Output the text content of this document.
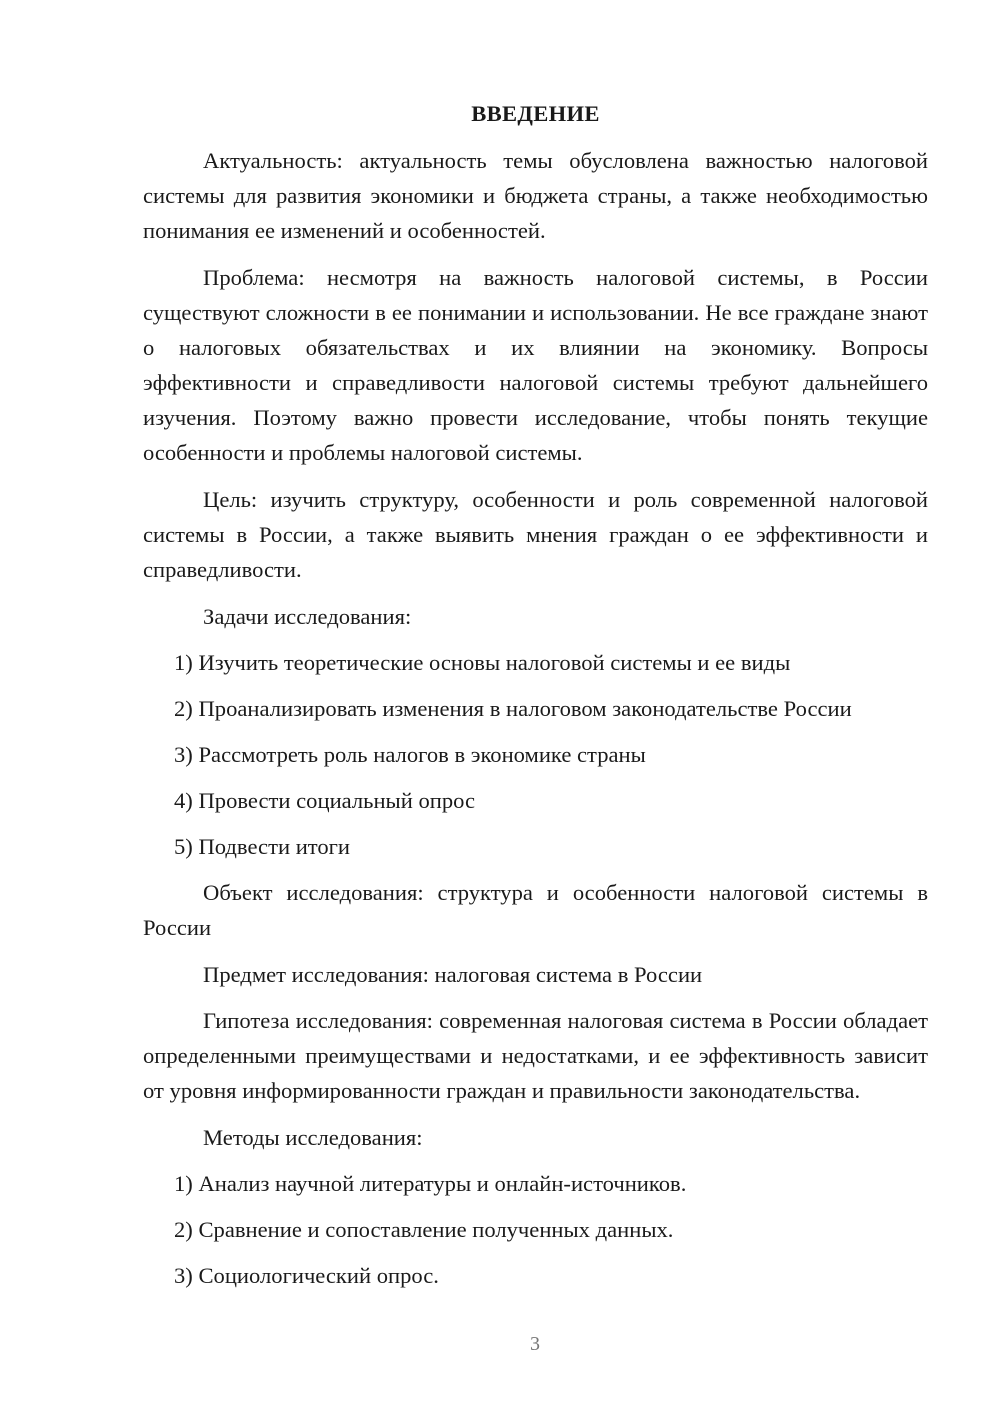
ВВЕДЕНИЕ

Актуальность: актуальность темы обусловлена важностью налоговой системы для развития экономики и бюджета страны, а также необходимостью понимания ее изменений и особенностей.

Проблема: несмотря на важность налоговой системы, в России существуют сложности в ее понимании и использовании. Не все граждане знают о налоговых обязательствах и их влиянии на экономику. Вопросы эффективности и справедливости налоговой системы требуют дальнейшего изучения. Поэтому важно провести исследование, чтобы понять текущие особенности и проблемы налоговой системы.

Цель: изучить структуру, особенности и роль современной налоговой системы в России, а также выявить мнения граждан о ее эффективности и справедливости.

Задачи исследования:
1) Изучить теоретические основы налоговой системы и ее виды
2) Проанализировать изменения в налоговом законодательстве России
3) Рассмотреть роль налогов в экономике страны
4) Провести социальный опрос
5) Подвести итоги

Объект исследования: структура и особенности налоговой системы в России

Предмет исследования: налоговая система в России

Гипотеза исследования: современная налоговая система в России обладает определенными преимуществами и недостатками, и ее эффективность зависит от уровня информированности граждан и правильности законодательства.

Методы исследования:
1) Анализ научной литературы и онлайн-источников.
2) Сравнение и сопоставление полученных данных.
3) Социологический опрос.
3
